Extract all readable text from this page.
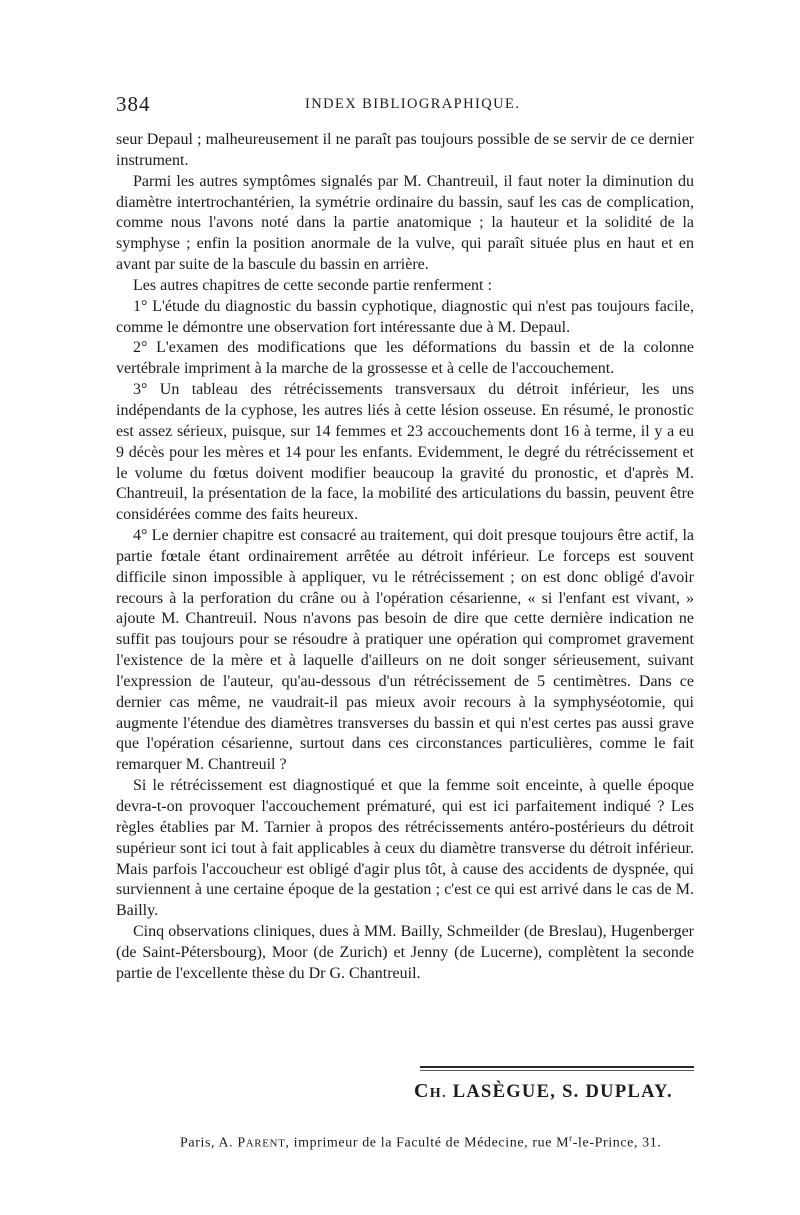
384	INDEX BIBLIOGRAPHIQUE.

seur Depaul ; malheureusement il ne paraît pas toujours possible de se servir de ce dernier instrument.

Parmi les autres symptômes signalés par M. Chantreuil, il faut noter la diminution du diamètre intertrochantérien, la symétrie ordinaire du bassin, sauf les cas de complication, comme nous l'avons noté dans la partie anatomique ; la hauteur et la solidité de la symphyse ; enfin la position anormale de la vulve, qui paraît située plus en haut et en avant par suite de la bascule du bassin en arrière.

Les autres chapitres de cette seconde partie renferment :

1° L'étude du diagnostic du bassin cyphotique, diagnostic qui n'est pas toujours facile, comme le démontre une observation fort intéressante due à M. Depaul.

2° L'examen des modifications que les déformations du bassin et de la colonne vertébrale impriment à la marche de la grossesse et à celle de l'accouchement.

3° Un tableau des rétrécissements transversaux du détroit inférieur, les uns indépendants de la cyphose, les autres liés à cette lésion osseuse. En résumé, le pronostic est assez sérieux, puisque, sur 14 femmes et 23 accouchements dont 16 à terme, il y a eu 9 décès pour les mères et 14 pour les enfants. Evidemment, le degré du rétrécissement et le volume du fœtus doivent modifier beaucoup la gravité du pronostic, et d'après M. Chantreuil, la présentation de la face, la mobilité des articulations du bassin, peuvent être considérées comme des faits heureux.

4° Le dernier chapitre est consacré au traitement, qui doit presque toujours être actif, la partie fœtale étant ordinairement arrêtée au détroit inférieur. Le forceps est souvent difficile sinon impossible à appliquer, vu le rétrécissement ; on est donc obligé d'avoir recours à la perforation du crâne ou à l'opération césarienne, « si l'enfant est vivant, » ajoute M. Chantreuil. Nous n'avons pas besoin de dire que cette dernière indication ne suffit pas toujours pour se résoudre à pratiquer une opération qui compromet gravement l'existence de la mère et à laquelle d'ailleurs on ne doit songer sérieusement, suivant l'expression de l'auteur, qu'au-dessous d'un rétrécissement de 5 centimètres. Dans ce dernier cas même, ne vaudrait-il pas mieux avoir recours à la symphyséotomie, qui augmente l'étendue des diamètres transverses du bassin et qui n'est certes pas aussi grave que l'opération césarienne, surtout dans ces circonstances particulières, comme le fait remarquer M. Chantreuil ?

Si le rétrécissement est diagnostiqué et que la femme soit enceinte, à quelle époque devra-t-on provoquer l'accouchement prématuré, qui est ici parfaitement indiqué ? Les règles établies par M. Tarnier à propos des rétrécissements antéro-postérieurs du détroit supérieur sont ici tout à fait applicables à ceux du diamètre transverse du détroit inférieur. Mais parfois l'accoucheur est obligé d'agir plus tôt, à cause des accidents de dyspnée, qui surviennent à une certaine époque de la gestation ; c'est ce qui est arrivé dans le cas de M. Bailly.

Cinq observations cliniques, dues à MM. Bailly, Schmeilder (de Breslau), Hugenberger (de Saint-Pétersbourg), Moor (de Zurich) et Jenny (de Lucerne), complètent la seconde partie de l'excellente thèse du Dr G. Chantreuil.

CH. LASÈGUE, S. DUPLAY.
Paris, A. PARENT, imprimeur de la Faculté de Médecine, rue $M^r-le$-Prince, 31.
